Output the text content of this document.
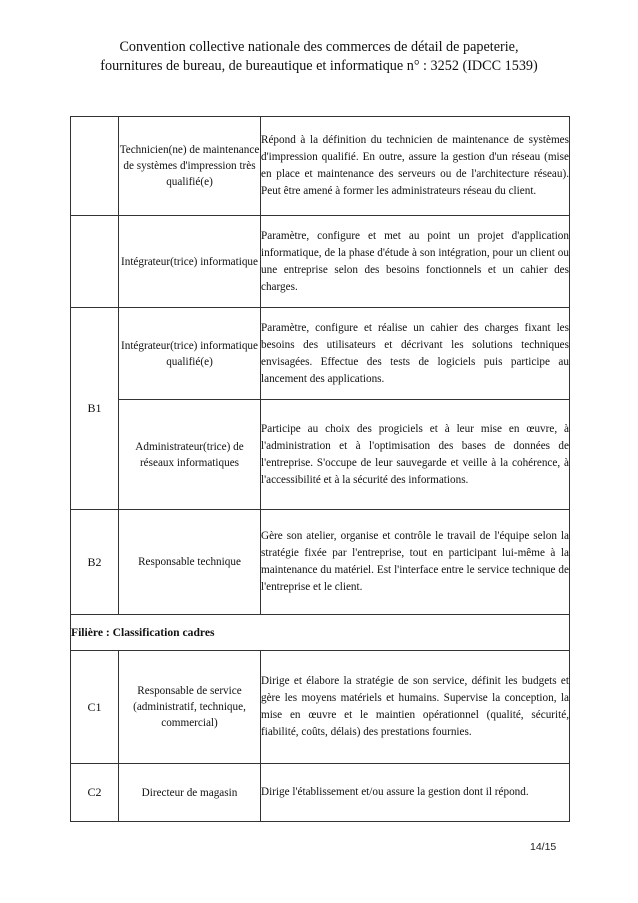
Convention collective nationale des commerces de détail de papeterie,
fournitures de bureau, de bureautique et informatique n° : 3252 (IDCC 1539)
	Technicien(ne) de maintenance de systèmes d'impression très qualifié(e)	Répond à la définition du technicien de maintenance de systèmes d'impression qualifié. En outre, assure la gestion d'un réseau (mise en place et maintenance des serveurs ou de l'architecture réseau). Peut être amené à former les administrateurs réseau du client.
	Intégrateur(trice) informatique	Paramètre, configure et met au point un projet d'application informatique, de la phase d'étude à son intégration, pour un client ou une entreprise selon des besoins fonctionnels et un cahier des charges.
B1	Intégrateur(trice) informatique qualifié(e)	Paramètre, configure et réalise un cahier des charges fixant les besoins des utilisateurs et décrivant les solutions techniques envisagées. Effectue des tests de logiciels puis participe au lancement des applications.
	Administrateur(trice) de réseaux informatiques	Participe au choix des progiciels et à leur mise en œuvre, à l'administration et à l'optimisation des bases de données de l'entreprise. S'occupe de leur sauvegarde et veille à la cohérence, à l'accessibilité et à la sécurité des informations.
B2	Responsable technique	Gère son atelier, organise et contrôle le travail de l'équipe selon la stratégie fixée par l'entreprise, tout en participant lui-même à la maintenance du matériel. Est l'interface entre le service technique de l'entreprise et le client.
Filière : Classification cadres		
C1	Responsable de service (administratif, technique, commercial)	Dirige et élabore la stratégie de son service, définit les budgets et gère les moyens matériels et humains. Supervise la conception, la mise en œuvre et le maintien opérationnel (qualité, sécurité, fiabilité, coûts, délais) des prestations fournies.
C2	Directeur de magasin	Dirige l'établissement et/ou assure la gestion dont il répond.
14/15
